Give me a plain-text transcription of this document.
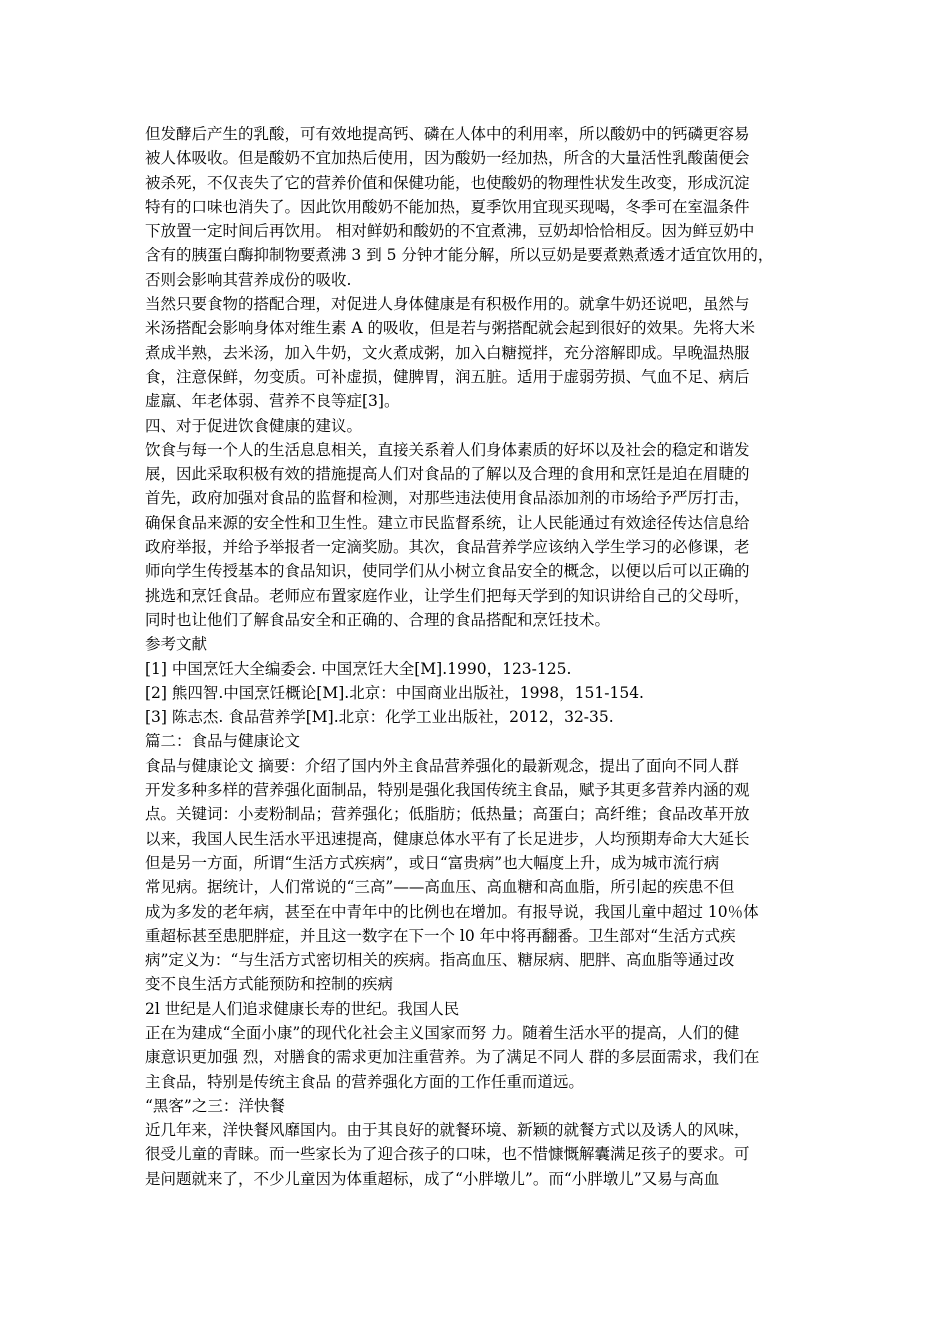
但发酵后产生的乳酸，可有效地提高钙、磷在人体中的利用率，所以酸奶中的钙磷更容易
被人体吸收。但是酸奶不宜加热后使用，因为酸奶一经加热，所含的大量活性乳酸菌便会
被杀死，不仅丧失了它的营养价值和保健功能，也使酸奶的物理性状发生改变，形成沉淀
特有的口味也消失了。因此饮用酸奶不能加热，夏季饮用宜现买现喝，冬季可在室温条件
下放置一定时间后再饮用。 相对鲜奶和酸奶的不宜煮沸，豆奶却恰恰相反。因为鲜豆奶中
含有的胰蛋白酶抑制物要煮沸 3 到 5 分钟才能分解，所以豆奶是要煮熟煮透才适宜饮用的，
否则会影响其营养成份的吸收.
当然只要食物的搭配合理，对促进人身体健康是有积极作用的。就拿牛奶还说吧，虽然与
米汤搭配会影响身体对维生素 A 的吸收，但是若与粥搭配就会起到很好的效果。先将大米
煮成半熟，去米汤，加入牛奶，文火煮成粥，加入白糖搅拌，充分溶解即成。早晚温热服
食，注意保鲜，勿变质。可补虚损，健脾胃，润五脏。适用于虚弱劳损、气血不足、病后
虚羸、年老体弱、营养不良等症[3]。
四、对于促进饮食健康的建议。
饮食与每一个人的生活息息相关，直接关系着人们身体素质的好坏以及社会的稳定和谐发
展，因此采取积极有效的措施提高人们对食品的了解以及合理的食用和烹饪是迫在眉睫的
首先，政府加强对食品的监督和检测，对那些违法使用食品添加剂的市场给予严厉打击，
确保食品来源的安全性和卫生性。建立市民监督系统，让人民能通过有效途径传达信息给
政府举报，并给予举报者一定滴奖励。其次，食品营养学应该纳入学生学习的必修课，老
师向学生传授基本的食品知识，使同学们从小树立食品安全的概念，以便以后可以正确的
挑选和烹饪食品。老师应布置家庭作业，让学生们把每天学到的知识讲给自己的父母听，
同时也让他们了解食品安全和正确的、合理的食品搭配和烹饪技术。
参考文献
[1] 中国烹饪大全编委会. 中国烹饪大全[M].1990，123-125.
[2] 熊四智.中国烹饪概论[M].北京：中国商业出版社，1998，151-154.
[3] 陈志杰. 食品营养学[M].北京：化学工业出版社，2012，32-35.
篇二：食品与健康论文
食品与健康论文 摘要：介绍了国内外主食品营养强化的最新观念，提出了面向不同人群
开发多种多样的营养强化面制品，特别是强化我国传统主食品，赋予其更多营养内涵的观
点。关键词：小麦粉制品；营养强化；低脂肪；低热量；高蛋白；高纤维；食品改革开放
以来，我国人民生活水平迅速提高，健康总体水平有了长足进步，人均预期寿命大大延长
但是另一方面，所谓“生活方式疾病”，或日“富贵病”也大幅度上升，成为城市流行病
常见病。据统计，人们常说的“三高”——高血压、高血糖和高血脂，所引起的疾患不但
成为多发的老年病，甚至在中青年中的比例也在增加。有报导说，我国儿童中超过 10％体
重超标甚至患肥胖症，并且这一数字在下一个 l0 年中将再翻番。卫生部对“生活方式疾
病”定义为：“与生活方式密切相关的疾病。指高血压、糖尿病、肥胖、高血脂等通过改
变不良生活方式能预防和控制的疾病
2l 世纪是人们追求健康长寿的世纪。我国人民
正在为建成“全面小康”的现代化社会主义国家而努 力。随着生活水平的提高，人们的健
康意识更加强 烈，对膳食的需求更加注重营养。为了满足不同人 群的多层面需求，我们在
主食品，特别是传统主食品 的营养强化方面的工作任重而道远。
“黑客”之三：洋快餐
近几年来，洋快餐风靡国内。由于其良好的就餐环境、新颖的就餐方式以及诱人的风味，
很受儿童的青睐。而一些家长为了迎合孩子的口味，也不惜慷慨解囊满足孩子的要求。可
是问题就来了，不少儿童因为体重超标，成了“小胖墩儿”。而“小胖墩儿”又易与高血
